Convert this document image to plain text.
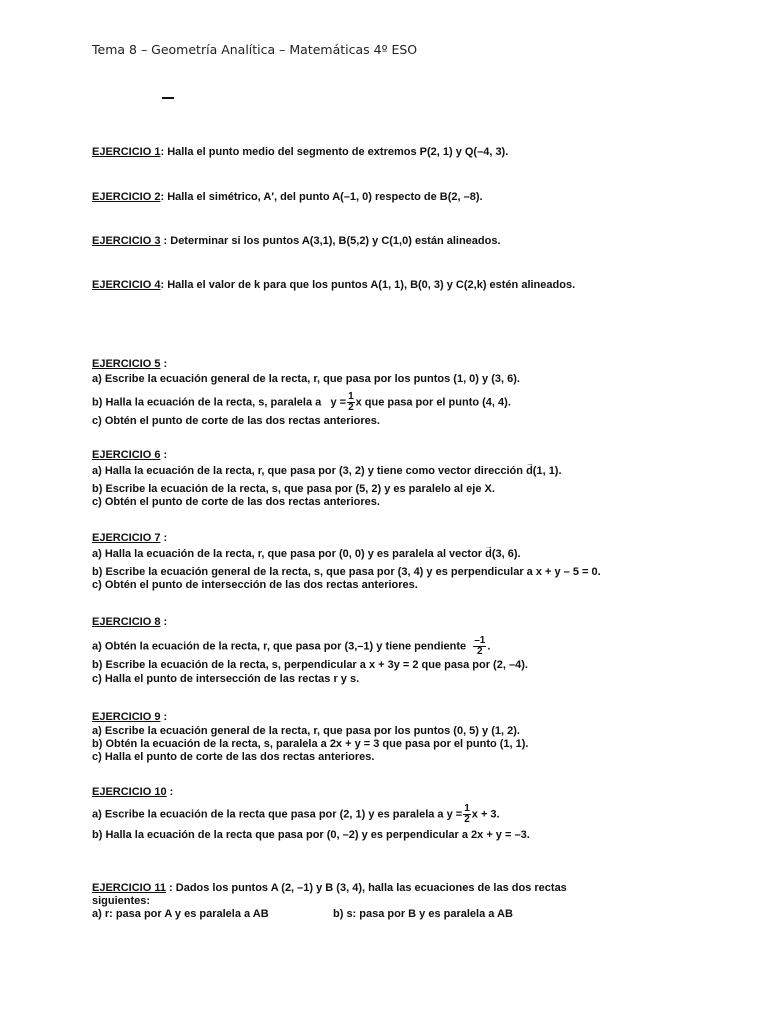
Tema 8 – Geometría Analítica – Matemáticas 4º ESO
EJERCICIO 1: Halla el punto medio del segmento de extremos P(2, 1) y Q(–4, 3).
EJERCICIO 2: Halla el simétrico, A′, del punto A(–1, 0) respecto de B(2, –8).
EJERCICIO 3 : Determinar si los puntos A(3,1), B(5,2) y C(1,0) están alineados.
EJERCICIO 4: Halla el valor de k para que los puntos A(1, 1), B(0, 3) y C(2,k) estén alineados.
EJERCICIO 5 :
a) Escribe la ecuación general de la recta, r, que pasa por los puntos (1, 0) y (3, 6).
b) Halla la ecuación de la recta, s, paralela a $y = \frac{1}{2}$ x que pasa por el punto (4, 4).
c) Obtén el punto de corte de las dos rectas anteriores.
EJERCICIO 6 :
a) Halla la ecuación de la recta, r, que pasa por (3, 2) y tiene como vector dirección → d(1, 1).
b) Escribe la ecuación de la recta, s, que pasa por (5, 2) y es paralelo al eje X.
c) Obtén el punto de corte de las dos rectas anteriores.
EJERCICIO 7 :
a) Halla la ecuación de la recta, r, que pasa por (0, 0) y es paralela al vector → d(3, 6).
b) Escribe la ecuación general de la recta, s, que pasa por (3, 4) y es perpendicular a x + y – 5 = 0.
c) Obtén el punto de intersección de las dos rectas anteriores.
EJERCICIO 8 :
a) Obtén la ecuación de la recta, r, que pasa por (3,–1) y tiene pendiente $\frac{-1}{2}$ .
b) Escribe la ecuación de la recta, s, perpendicular a x + 3y = 2 que pasa por (2, –4).
c) Halla el punto de intersección de las rectas r y s.
EJERCICIO 9 :
a) Escribe la ecuación general de la recta, r, que pasa por los puntos (0, 5) y (1, 2).
b) Obtén la ecuación de la recta, s, paralela a 2x + y = 3 que pasa por el punto (1, 1).
c) Halla el punto de corte de las dos rectas anteriores.
EJERCICIO 10 :
a) Escribe la ecuación de la recta que pasa por (2, 1) y es paralela a $y = \frac{1}{2}$ x + 3.
b) Halla la ecuación de la recta que pasa por (0, –2) y es perpendicular a 2x + y = –3.
EJERCICIO 11 : Dados los puntos A (2, –1) y B (3, 4), halla las ecuaciones de las dos rectas
siguientes:
a) r: pasa por A y es paralela a AB	b) s: pasa por B y es paralela a AB
